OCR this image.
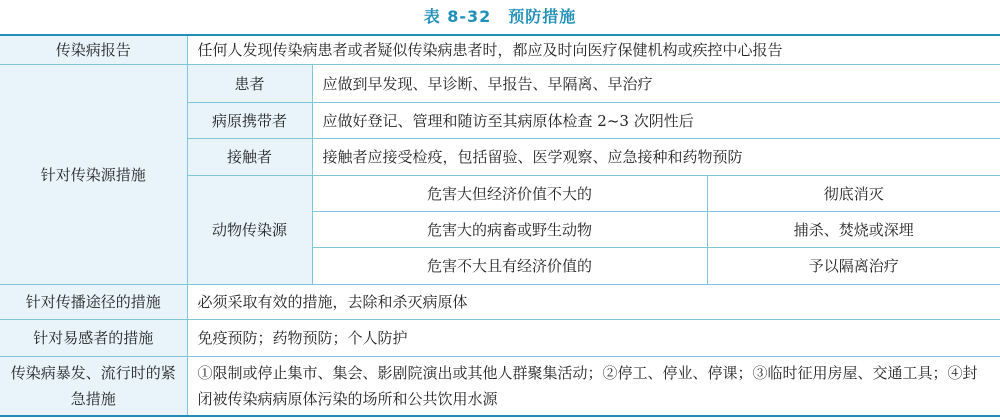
表 8-32　预防措施
传染病报告	任何人发现传染病患者或者疑似传染病患者时，都应及时向医疗保健机构或疾控中心报告		
针对传染源措施	患者	应做到早发现、早诊断、早报告、早隔离、早治疗	
	病原携带者	应做好登记、管理和随访至其病原体检查 2~3 次阴性后	
	接触者	接触者应接受检疫，包括留验、医学观察、应急接种和药物预防	
	动物传染源	危害大但经济价值不大的	彻底消灭
		危害大的病畜或野生动物	捕杀、焚烧或深埋
		危害不大且有经济价值的	予以隔离治疗
针对传播途径的措施	必须采取有效的措施，去除和杀灭病原体		
针对易感者的措施	免疫预防；药物预防；个人防护		
传染病暴发、流行时的紧急措施	①限制或停止集市、集会、影剧院演出或其他人群聚集活动；②停工、停业、停课；③临时征用房屋、交通工具；④封闭被传染病病原体污染的场所和公共饮用水源		
